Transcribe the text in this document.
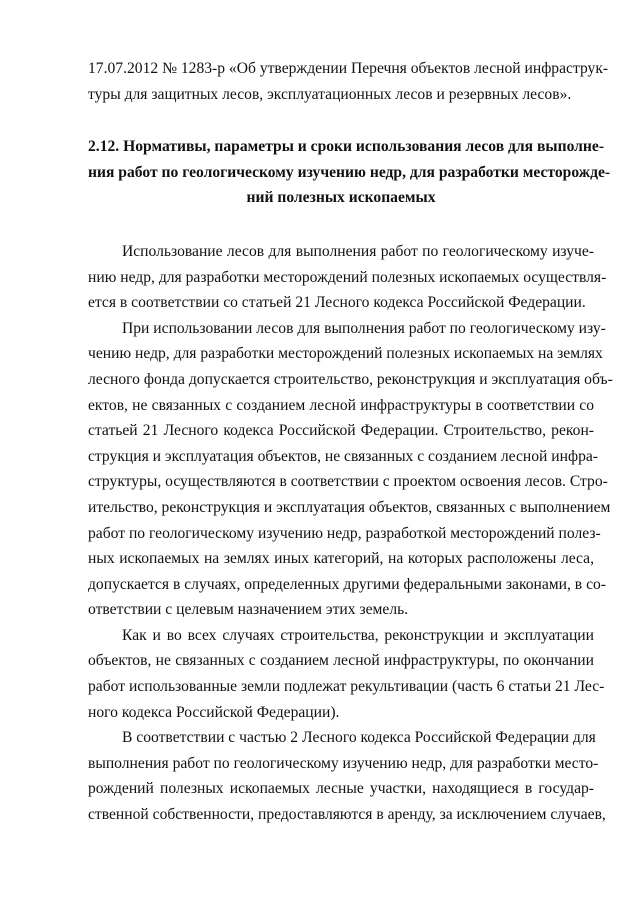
17.07.2012 № 1283-р «Об утверждении Перечня объектов лесной инфраструк-
туры для защитных лесов, эксплуатационных лесов и резервных лесов».
2.12. Нормативы, параметры и сроки использования лесов для выполне-
ния работ по геологическому изучению недр, для разработки месторожде-
ний полезных ископаемых
Использование лесов для выполнения работ по геологическому изуче-
нию недр, для разработки месторождений полезных ископаемых осуществля-
ется в соответствии со статьей 21 Лесного кодекса Российской Федерации.
При использовании лесов для выполнения работ по геологическому изу-
чению недр, для разработки месторождений полезных ископаемых на землях
лесного фонда допускается строительство, реконструкция и эксплуатация объ-
ектов, не связанных с созданием лесной инфраструктуры в соответствии со
статьей 21 Лесного кодекса Российской Федерации. Строительство, рекон-
струкция и эксплуатация объектов, не связанных с созданием лесной инфра-
структуры, осуществляются в соответствии с проектом освоения лесов. Стро-
ительство, реконструкция и эксплуатация объектов, связанных с выполнением
работ по геологическому изучению недр, разработкой месторождений полез-
ных ископаемых на землях иных категорий, на которых расположены леса,
допускается в случаях, определенных другими федеральными законами, в со-
ответствии с целевым назначением этих земель.
Как и во всех случаях строительства, реконструкции и эксплуатации
объектов, не связанных с созданием лесной инфраструктуры, по окончании
работ использованные земли подлежат рекультивации (часть 6 статьи 21 Лес-
ного кодекса Российской Федерации).
В соответствии с частью 2 Лесного кодекса Российской Федерации для
выполнения работ по геологическому изучению недр, для разработки место-
рождений полезных ископаемых лесные участки, находящиеся в государ-
ственной собственности, предоставляются в аренду, за исключением случаев,
